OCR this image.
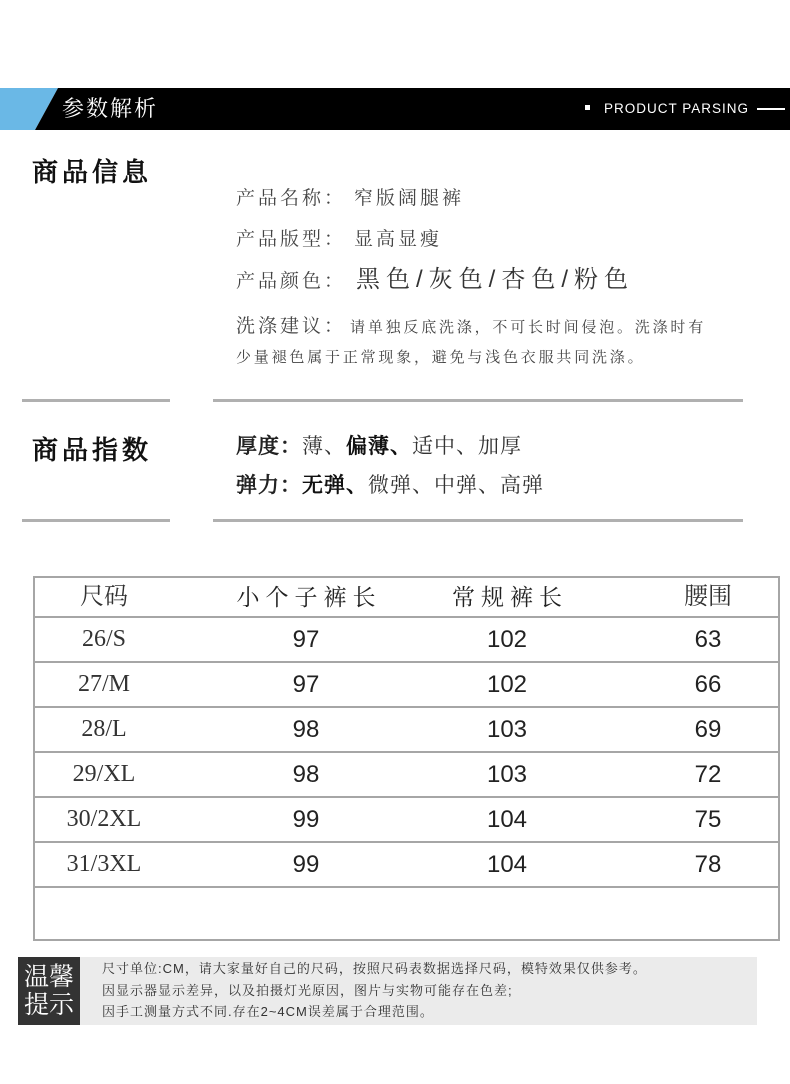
参数解析	PRODUCT PARSING
商品信息
产品名称： 窄版阔腿裤
产品版型： 显高显瘦
产品颜色： 黑色/灰色/杏色/粉色
洗涤建议： 请单独反底洗涤，不可长时间侵泡。洗涤时有
少量褪色属于正常现象，避免与浅色衣服共同洗涤。
商品指数	厚度：薄、偏薄、适中、加厚
弹力：无弹、微弹、中弹、高弹
尺码	小个子裤长	常规裤长	腰围
26/S	97	102	63
27/M	97	102	66
28/L	98	103	69
29/XL	98	103	72
30/2XL	99	104	75
31/3XL	99	104	78
温馨
提示
尺寸单位:CM，请大家量好自己的尺码，按照尺码表数据选择尺码，模特效果仅供参考。
因显示器显示差异，以及拍摄灯光原因，图片与实物可能存在色差;
因手工测量方式不同.存在2~4CM误差属于合理范围。
